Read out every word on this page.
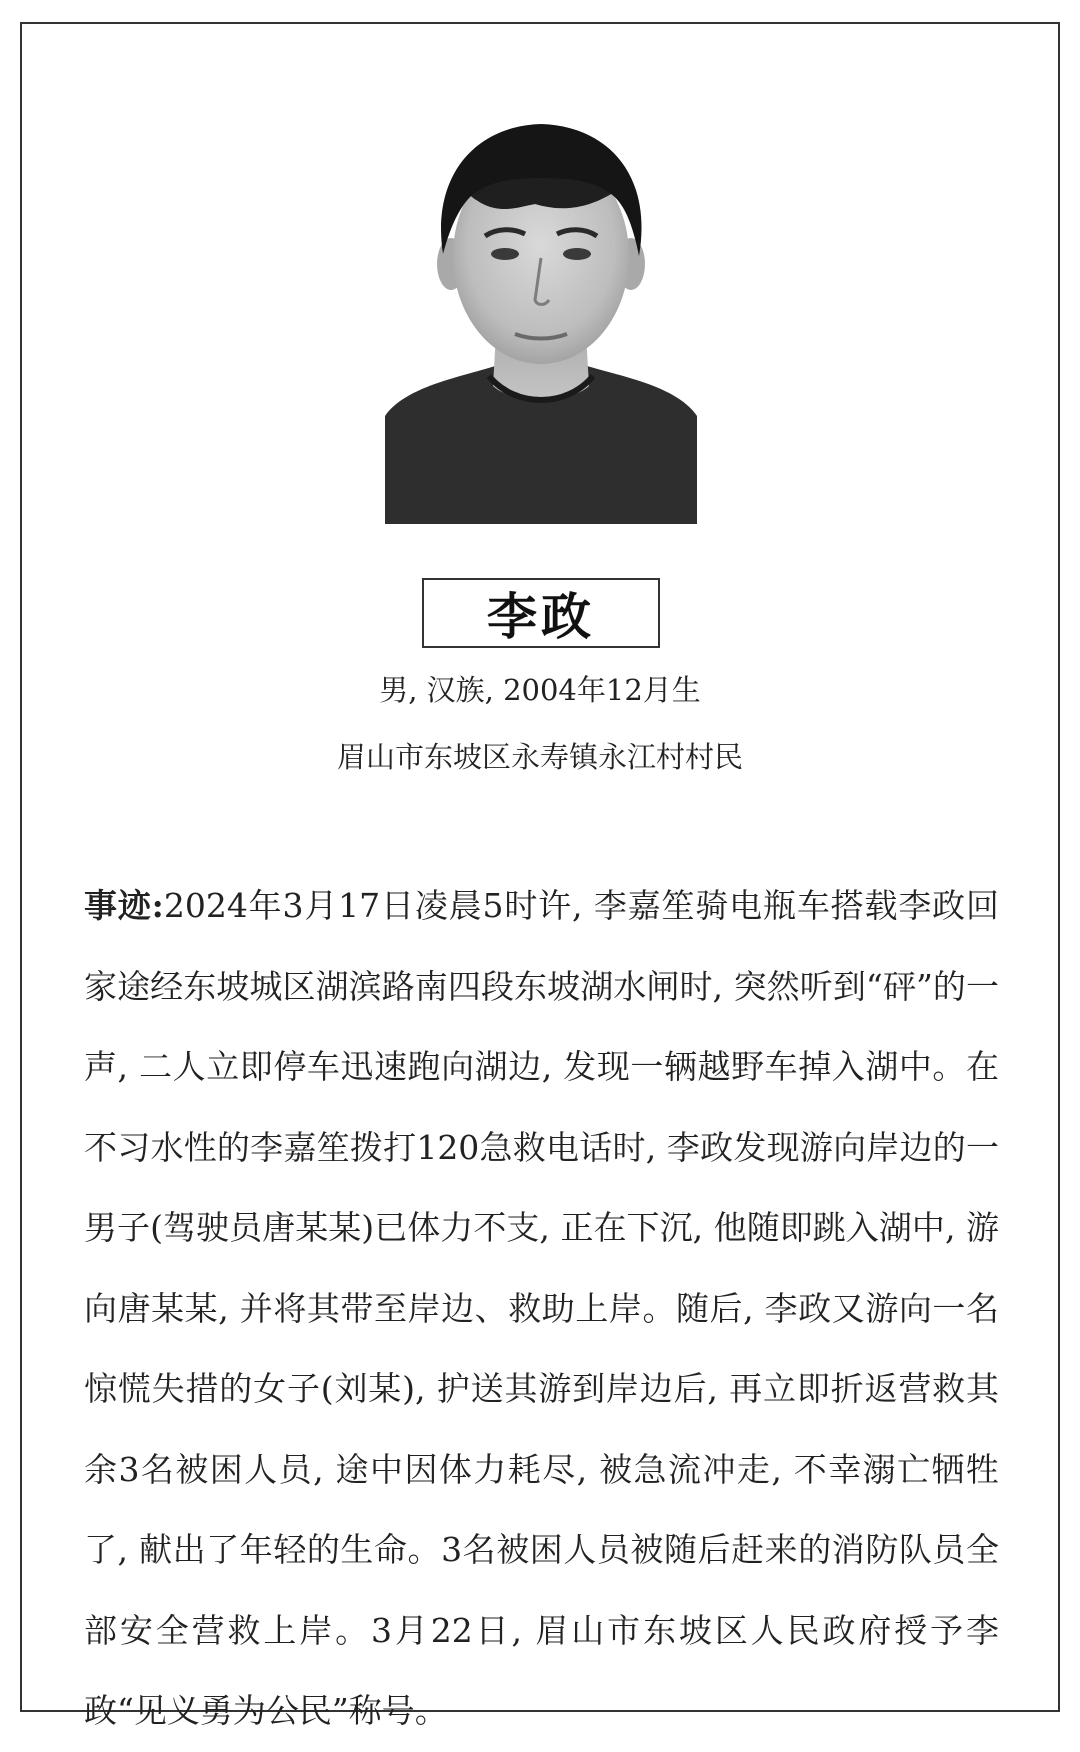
李政
男, 汉族, 2004年12月生
眉山市东坡区永寿镇永江村村民
事迹:2024年3月17日凌晨5时许, 李嘉笙骑电瓶车搭载李政回家途经东坡城区湖滨路南四段东坡湖水闸时, 突然听到“砰”的一声, 二人立即停车迅速跑向湖边, 发现一辆越野车掉入湖中。在不习水性的李嘉笙拨打120急救电话时, 李政发现游向岸边的一男子(驾驶员唐某某)已体力不支, 正在下沉, 他随即跳入湖中, 游向唐某某, 并将其带至岸边、救助上岸。随后, 李政又游向一名惊慌失措的女子(刘某), 护送其游到岸边后, 再立即折返营救其余3名被困人员, 途中因体力耗尽, 被急流冲走, 不幸溺亡牺牲了, 献出了年轻的生命。3名被困人员被随后赶来的消防队员全部安全营救上岸。3月22日, 眉山市东坡区人民政府授予李政“见义勇为公民”称号。
